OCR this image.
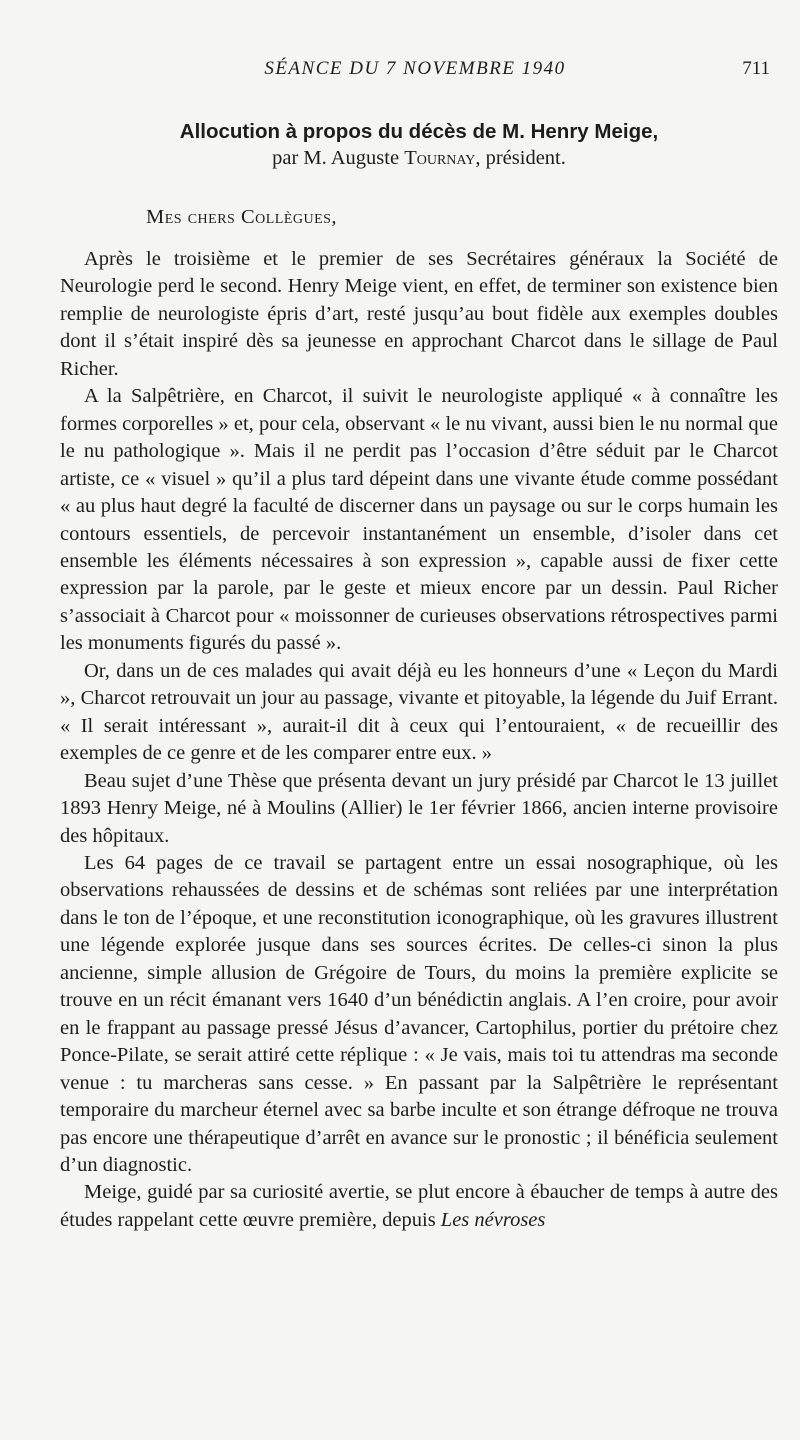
SÉANCE DU 7 NOVEMBRE 1940	711
Allocution à propos du décès de M. Henry Meige,
par M. Auguste Tournay, président.
Mes chers Collègues,

Après le troisième et le premier de ses Secrétaires généraux la Société de Neurologie perd le second. Henry Meige vient, en effet, de terminer son existence bien remplie de neurologiste épris d’art, resté jusqu’au bout fidèle aux exemples doubles dont il s’était inspiré dès sa jeunesse en approchant Charcot dans le sillage de Paul Richer.

A la Salpêtrière, en Charcot, il suivit le neurologiste appliqué « à connaître les formes corporelles » et, pour cela, observant « le nu vivant, aussi bien le nu normal que le nu pathologique ». Mais il ne perdit pas l’occasion d’être séduit par le Charcot artiste, ce « visuel » qu’il a plus tard dépeint dans une vivante étude comme possédant « au plus haut degré la faculté de discerner dans un paysage ou sur le corps humain les contours essentiels, de percevoir instantanément un ensemble, d’isoler dans cet ensemble les éléments nécessaires à son expression », capable aussi de fixer cette expression par la parole, par le geste et mieux encore par un dessin. Paul Richer s’associait à Charcot pour « moissonner de curieuses observations rétrospectives parmi les monuments figurés du passé ».

Or, dans un de ces malades qui avait déjà eu les honneurs d’une « Leçon du Mardi », Charcot retrouvait un jour au passage, vivante et pitoyable, la légende du Juif Errant. « Il serait intéressant », aurait-il dit à ceux qui l’entouraient, « de recueillir des exemples de ce genre et de les comparer entre eux. »

Beau sujet d’une Thèse que présenta devant un jury présidé par Charcot le 13 juillet 1893 Henry Meige, né à Moulins (Allier) le 1er février 1866, ancien interne provisoire des hôpitaux.

Les 64 pages de ce travail se partagent entre un essai nosographique, où les observations rehaussées de dessins et de schémas sont reliées par une interprétation dans le ton de l’époque, et une reconstitution iconographique, où les gravures illustrent une légende explorée jusque dans ses sources écrites. De celles-ci sinon la plus ancienne, simple allusion de Grégoire de Tours, du moins la première explicite se trouve en un récit émanant vers 1640 d’un bénédictin anglais. A l’en croire, pour avoir en le frappant au passage pressé Jésus d’avancer, Cartophilus, portier du prétoire chez Ponce-Pilate, se serait attiré cette réplique : « Je vais, mais toi tu attendras ma seconde venue : tu marcheras sans cesse. » En passant par la Salpêtrière le représentant temporaire du marcheur éternel avec sa barbe inculte et son étrange défroque ne trouva pas encore une thérapeutique d’arrêt en avance sur le pronostic ; il bénéficia seulement d’un diagnostic.

Meige, guidé par sa curiosité avertie, se plut encore à ébaucher de temps à autre des études rappelant cette œuvre première, depuis Les névroses
